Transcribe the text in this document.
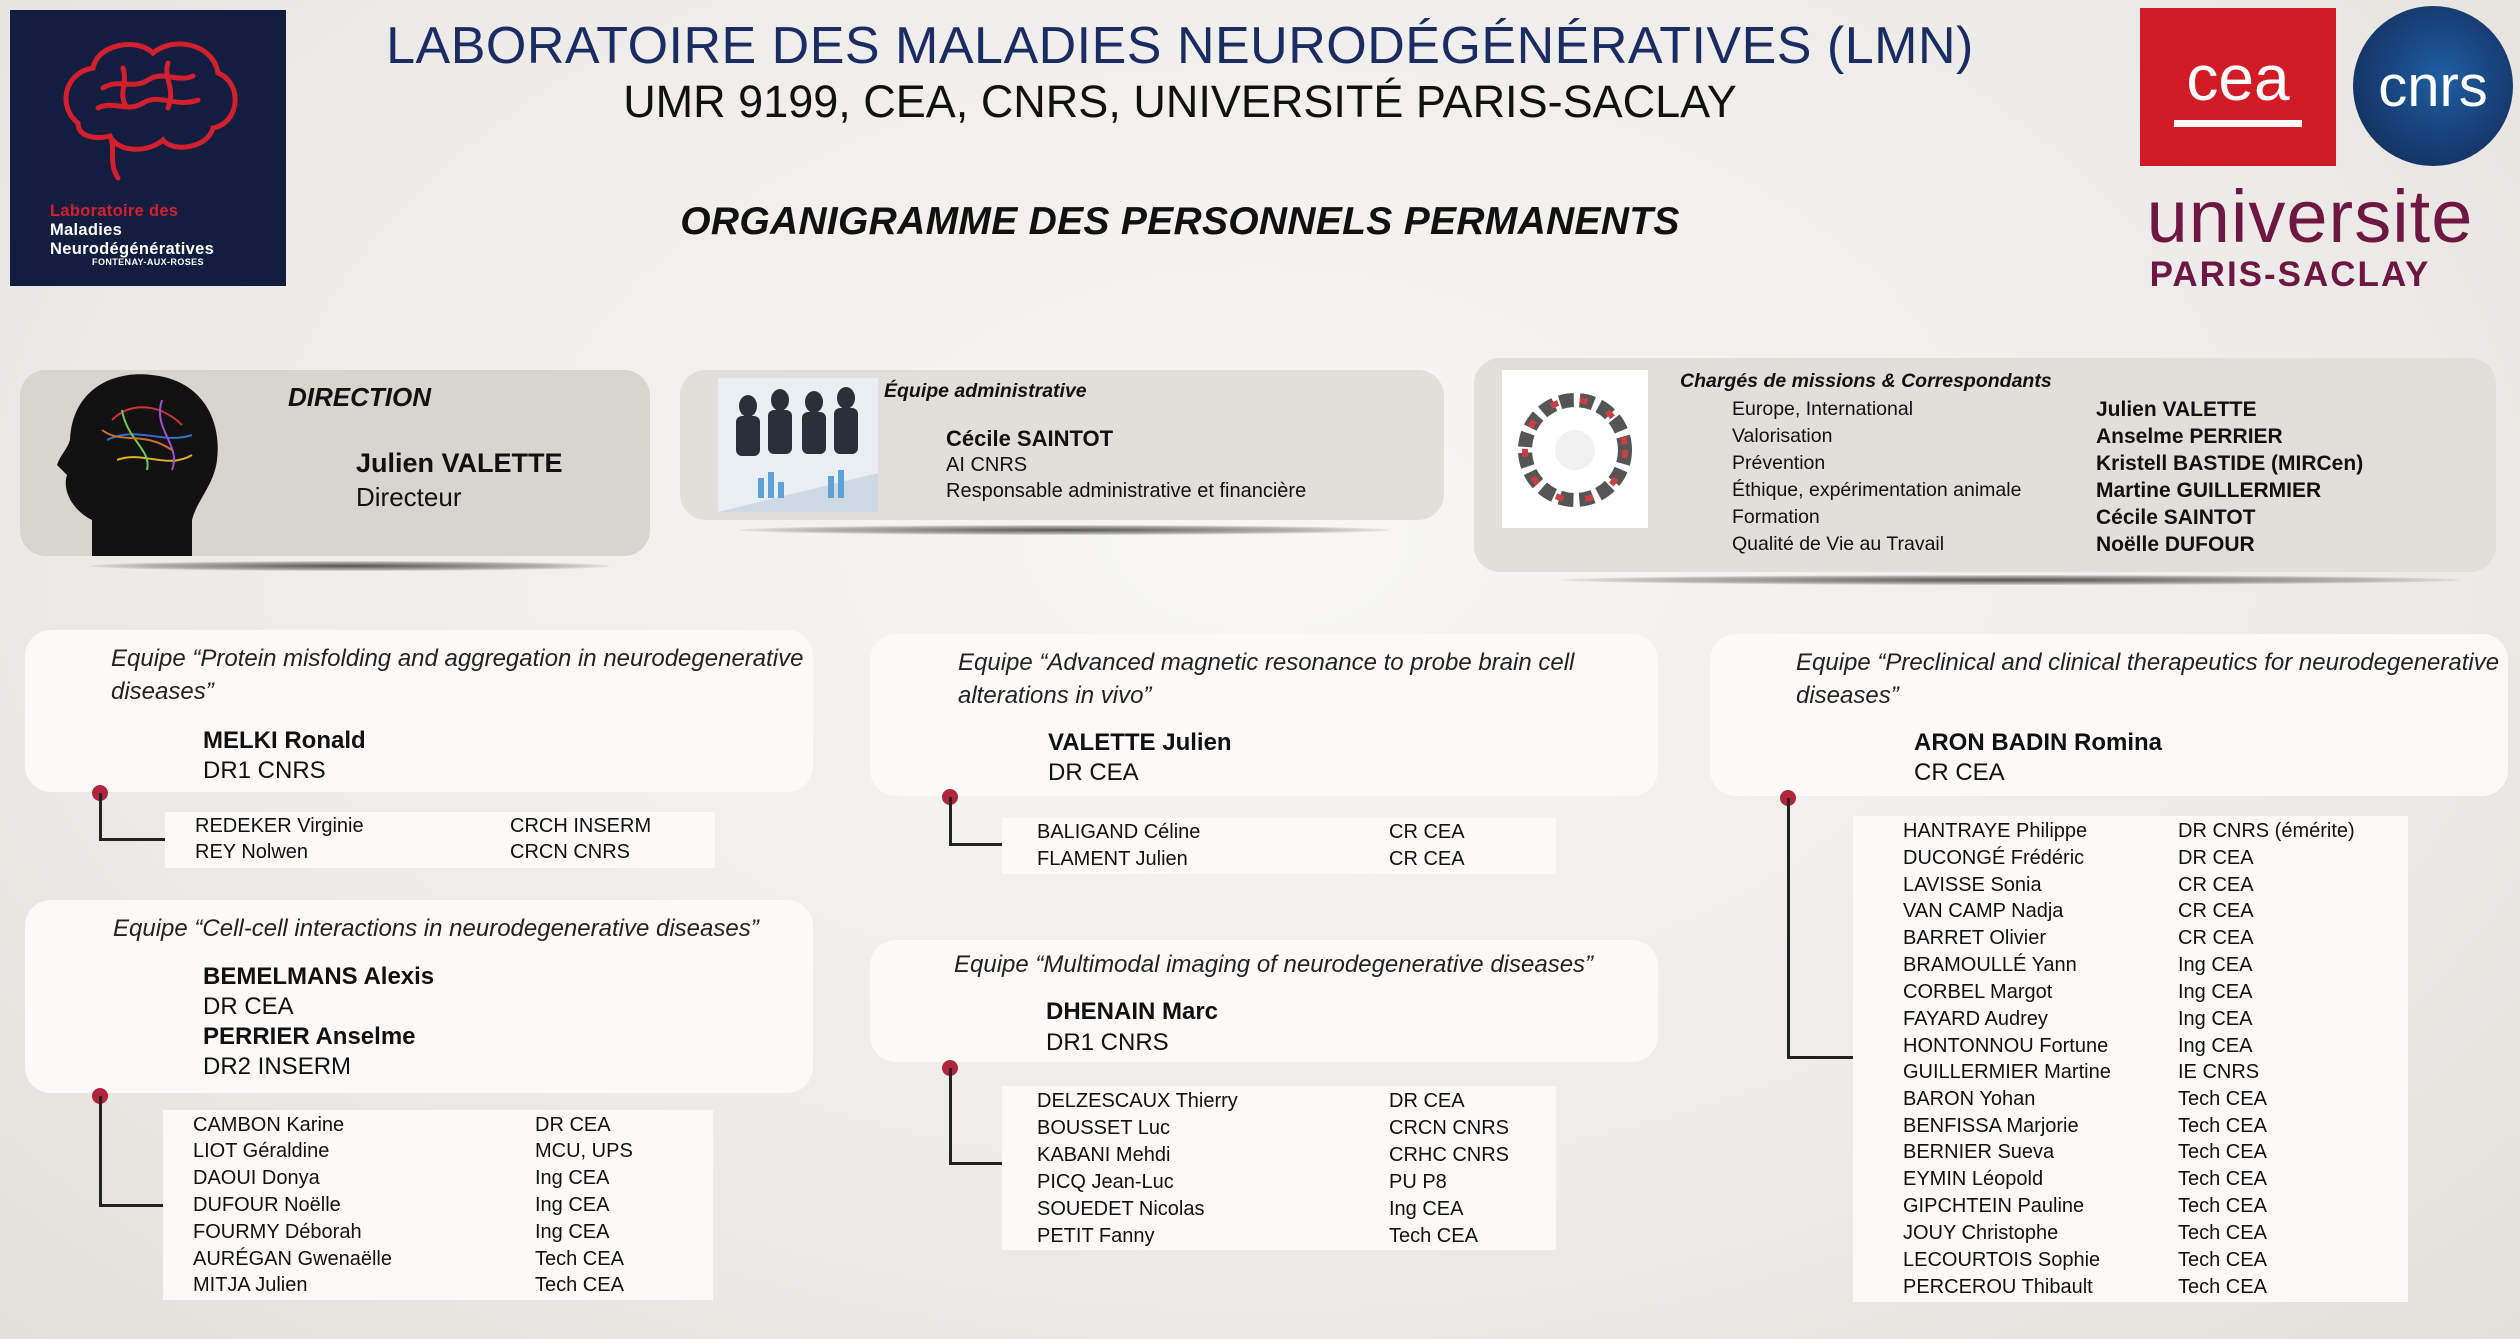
Laboratoire des
Maladies
Neurodégénératives
FONTENAY-AUX-ROSES
LABORATOIRE DES MALADIES NEURODÉGÉNÉRATIVES (LMN)
UMR 9199, CEA, CNRS, UNIVERSITÉ PARIS-SACLAY
ORGANIGRAMME DES PERSONNELS PERMANENTS
cea cnrs
universite
PARIS-SACLAY
DIRECTION
Julien VALETTE
Directeur
Équipe administrative
Cécile SAINTOT
AI CNRS
Responsable administrative et financière
Chargés de missions & Correspondants
Europe, International	Julien VALETTE
Valorisation	Anselme PERRIER
Prévention	Kristell BASTIDE (MIRCen)
Éthique, expérimentation animale	Martine GUILLERMIER
Formation	Cécile SAINTOT
Qualité de Vie au Travail	Noëlle DUFOUR
Equipe “Protein misfolding and aggregation in neurodegenerative
diseases”
MELKI Ronald
DR1 CNRS
REDEKER Virginie	CRCH INSERM
REY Nolwen	CRCN CNRS
Equipe “Cell-cell interactions in neurodegenerative diseases”
BEMELMANS Alexis
DR CEA
PERRIER Anselme
DR2 INSERM
CAMBON Karine	DR CEA
LIOT Géraldine	MCU, UPS
DAOUI Donya	Ing CEA
DUFOUR Noëlle	Ing CEA
FOURMY Déborah	Ing CEA
AURÉGAN Gwenaëlle	Tech CEA
MITJA Julien	Tech CEA
Equipe “Advanced magnetic resonance to probe brain cell
alterations in vivo”
VALETTE Julien
DR CEA
BALIGAND Céline	CR CEA
FLAMENT Julien	CR CEA
Equipe “Multimodal imaging of neurodegenerative diseases”
DHENAIN Marc
DR1 CNRS
DELZESCAUX Thierry	DR CEA
BOUSSET Luc	CRCN CNRS
KABANI Mehdi	CRHC CNRS
PICQ Jean-Luc	PU P8
SOUEDET Nicolas	Ing CEA
PETIT Fanny	Tech CEA
Equipe “Preclinical and clinical therapeutics for neurodegenerative
diseases”
ARON BADIN Romina
CR CEA
HANTRAYE Philippe	DR CNRS (émérite)
DUCONGÉ Frédéric	DR CEA
LAVISSE Sonia	CR CEA
VAN CAMP Nadja	CR CEA
BARRET Olivier	CR CEA
BRAMOULLÉ Yann	Ing CEA
CORBEL Margot	Ing CEA
FAYARD Audrey	Ing CEA
HONTONNOU Fortune	Ing CEA
GUILLERMIER Martine	IE CNRS
BARON Yohan	Tech CEA
BENFISSA Marjorie	Tech CEA
BERNIER Sueva	Tech CEA
EYMIN Léopold	Tech CEA
GIPCHTEIN Pauline	Tech CEA
JOUY Christophe	Tech CEA
LECOURTOIS Sophie	Tech CEA
PERCEROU Thibault	Tech CEA
